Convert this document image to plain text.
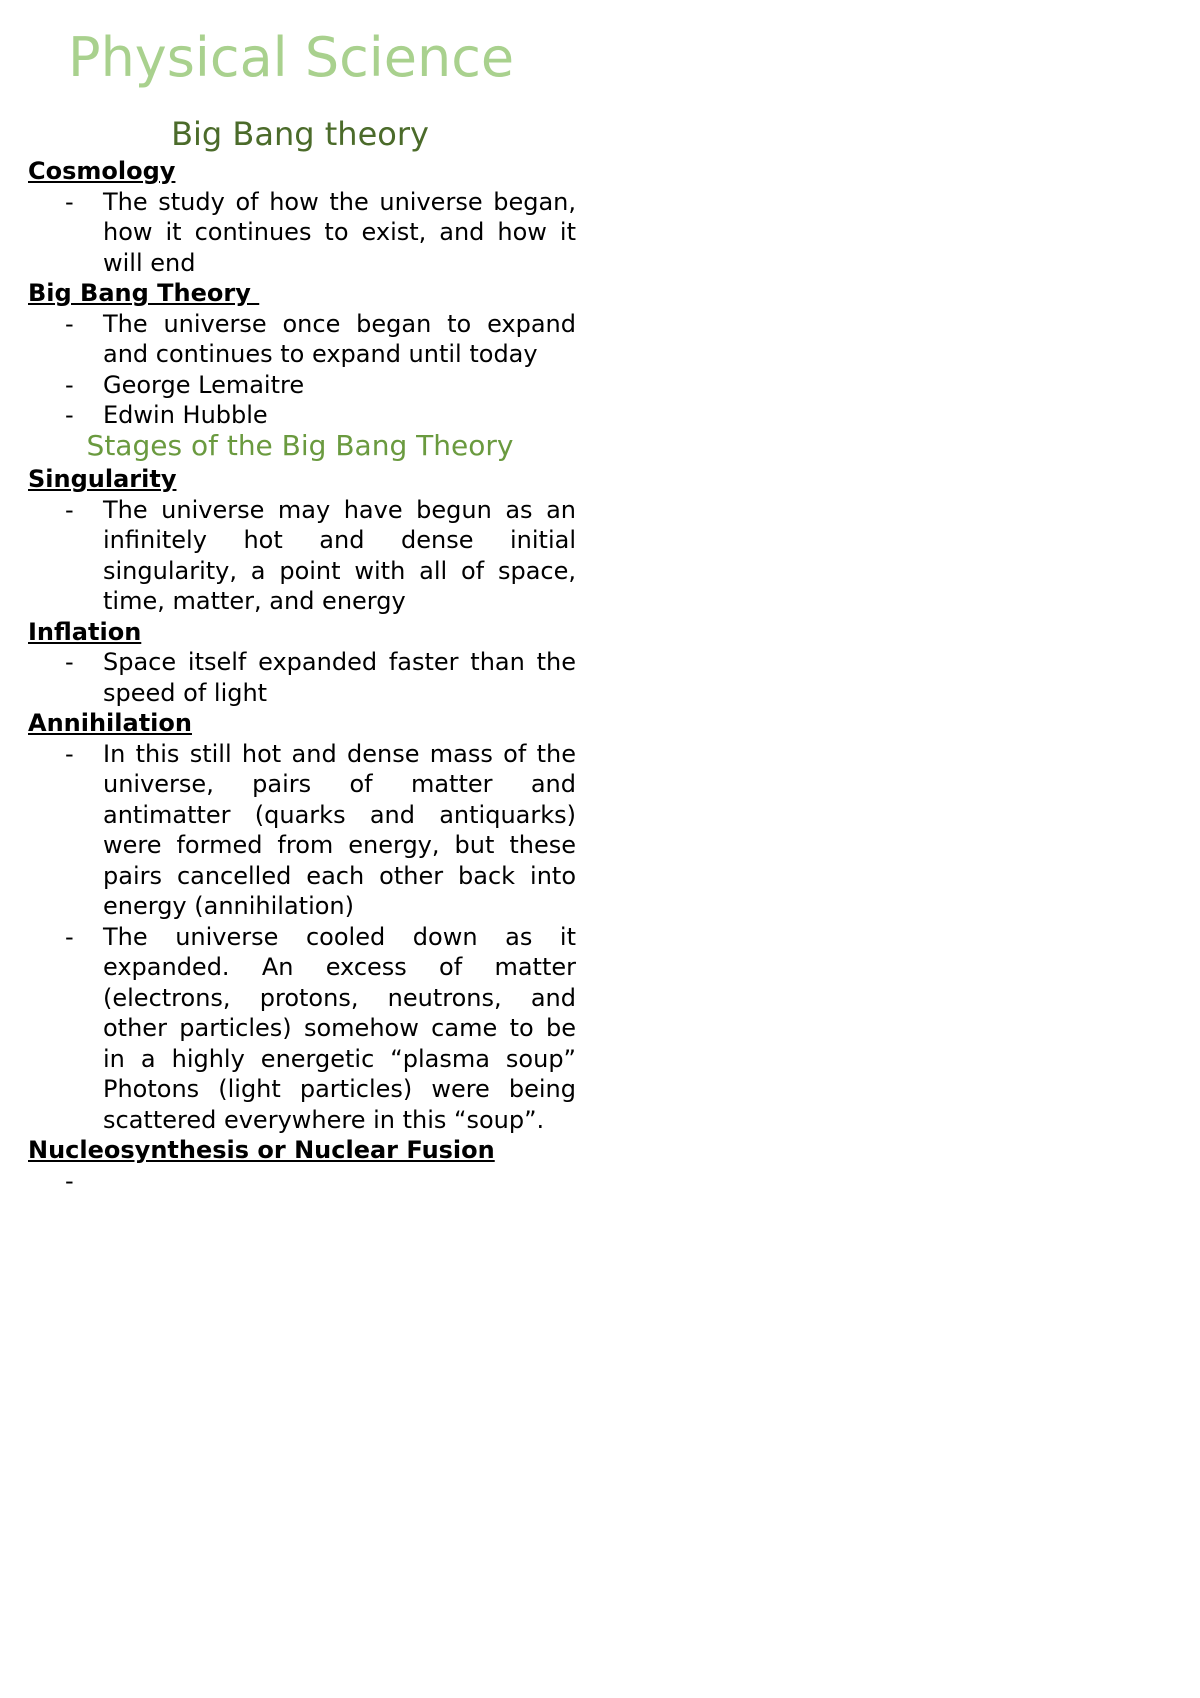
Physical Science
Big Bang theory

Cosmology

- The study of how the universe began, how it continues to exist, and how it will end

Big Bang Theory

- The universe once began to expand and continues to expand until today
- George Lemaitre
- Edwin Hubble
Stages of the Big Bang Theory

Singularity

- The universe may have begun as an infinitely hot and dense initial singularity, a point with all of space, time, matter, and energy

Inflation

- Space itself expanded faster than the speed of light

Annihilation

- In this still hot and dense mass of the universe, pairs of matter and antimatter (quarks and antiquarks) were formed from energy, but these pairs cancelled each other back into energy (annihilation)
- The universe cooled down as it expanded. An excess of matter (electrons, protons, neutrons, and other particles) somehow came to be in a highly energetic “plasma soup” Photons (light particles) were being scattered everywhere in this “soup”.

Nucleosynthesis or Nuclear Fusion

-
